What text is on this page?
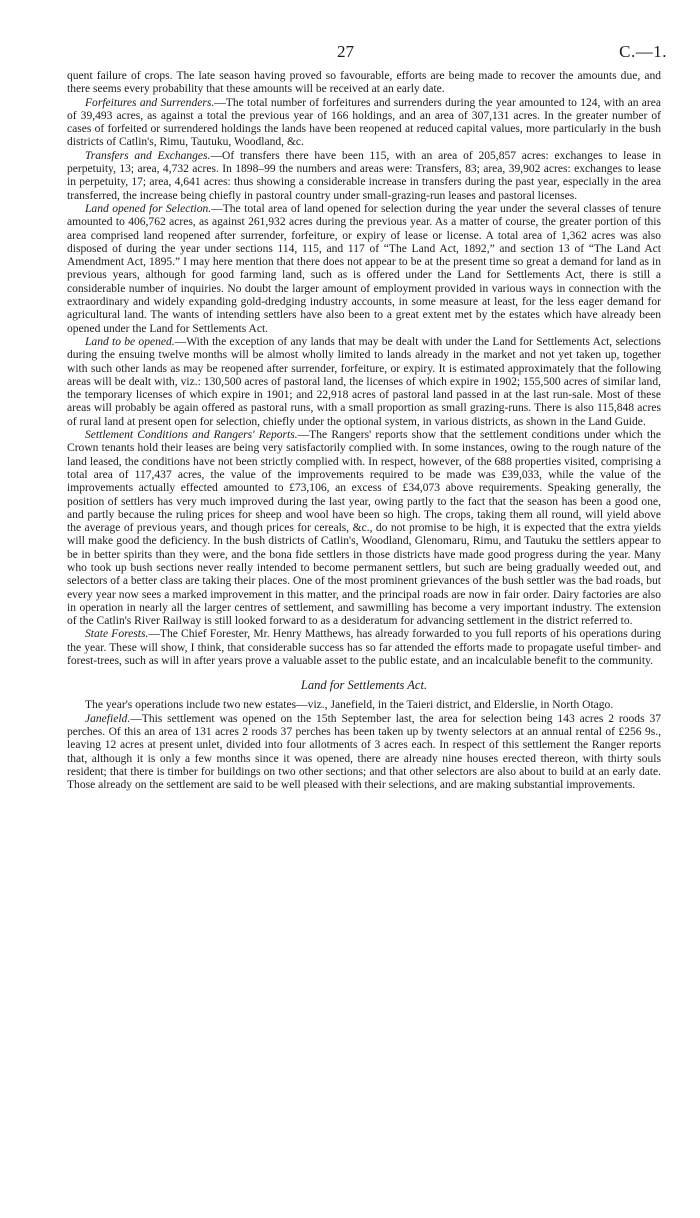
27	C.—1.

quent failure of crops. The late season having proved so favourable, efforts are being made to recover the amounts due, and there seems every probability that these amounts will be received at an early date.

Forfeitures and Surrenders.—The total number of forfeitures and surrenders during the year amounted to 124, with an area of 39,493 acres, as against a total the previous year of 166 holdings, and an area of 307,131 acres. In the greater number of cases of forfeited or surrendered holdings the lands have been reopened at reduced capital values, more particularly in the bush districts of Catlin's, Rimu, Tautuku, Woodland, &c.

Transfers and Exchanges.—Of transfers there have been 115, with an area of 205,857 acres: exchanges to lease in perpetuity, 13; area, 4,732 acres. In 1898–99 the numbers and areas were: Transfers, 83; area, 39,902 acres: exchanges to lease in perpetuity, 17; area, 4,641 acres: thus showing a considerable increase in transfers during the past year, especially in the area transferred, the increase being chiefly in pastoral country under small-grazing-run leases and pastoral licenses.

Land opened for Selection.—The total area of land opened for selection during the year under the several classes of tenure amounted to 406,762 acres, as against 261,932 acres during the previous year. As a matter of course, the greater portion of this area comprised land reopened after surrender, forfeiture, or expiry of lease or license. A total area of 1,362 acres was also disposed of during the year under sections 114, 115, and 117 of “The Land Act, 1892,” and section 13 of “The Land Act Amendment Act, 1895.” I may here mention that there does not appear to be at the present time so great a demand for land as in previous years, although for good farming land, such as is offered under the Land for Settlements Act, there is still a considerable number of inquiries. No doubt the larger amount of employment provided in various ways in connection with the extraordinary and widely expanding gold-dredging industry accounts, in some measure at least, for the less eager demand for agricultural land. The wants of intending settlers have also been to a great extent met by the estates which have already been opened under the Land for Settlements Act.

Land to be opened.—With the exception of any lands that may be dealt with under the Land for Settlements Act, selections during the ensuing twelve months will be almost wholly limited to lands already in the market and not yet taken up, together with such other lands as may be reopened after surrender, forfeiture, or expiry. It is estimated approximately that the following areas will be dealt with, viz.: 130,500 acres of pastoral land, the licenses of which expire in 1902; 155,500 acres of similar land, the temporary licenses of which expire in 1901; and 22,918 acres of pastoral land passed in at the last run-sale. Most of these areas will probably be again offered as pastoral runs, with a small proportion as small grazing-runs. There is also 115,848 acres of rural land at present open for selection, chiefly under the optional system, in various districts, as shown in the Land Guide.

Settlement Conditions and Rangers' Reports.—The Rangers' reports show that the settlement conditions under which the Crown tenants hold their leases are being very satisfactorily complied with. In some instances, owing to the rough nature of the land leased, the conditions have not been strictly complied with. In respect, however, of the 688 properties visited, comprising a total area of 117,437 acres, the value of the improvements required to be made was £39,033, while the value of the improvements actually effected amounted to £73,106, an excess of £34,073 above requirements. Speaking generally, the position of settlers has very much improved during the last year, owing partly to the fact that the season has been a good one, and partly because the ruling prices for sheep and wool have been so high. The crops, taking them all round, will yield above the average of previous years, and though prices for cereals, &c., do not promise to be high, it is expected that the extra yields will make good the deficiency. In the bush districts of Catlin's, Woodland, Glenomaru, Rimu, and Tautuku the settlers appear to be in better spirits than they were, and the bona fide settlers in those districts have made good progress during the year. Many who took up bush sections never really intended to become permanent settlers, but such are being gradually weeded out, and selectors of a better class are taking their places. One of the most prominent grievances of the bush settler was the bad roads, but every year now sees a marked improvement in this matter, and the principal roads are now in fair order. Dairy factories are also in operation in nearly all the larger centres of settlement, and sawmilling has become a very important industry. The extension of the Catlin's River Railway is still looked forward to as a desideratum for advancing settlement in the district referred to.

State Forests.—The Chief Forester, Mr. Henry Matthews, has already forwarded to you full reports of his operations during the year. These will show, I think, that considerable success has so far attended the efforts made to propagate useful timber- and forest-trees, such as will in after years prove a valuable asset to the public estate, and an incalculable benefit to the community.

Land for Settlements Act.

The year's operations include two new estates—viz., Janefield, in the Taieri district, and Elderslie, in North Otago.

Janefield.—This settlement was opened on the 15th September last, the area for selection being 143 acres 2 roods 37 perches. Of this an area of 131 acres 2 roods 37 perches has been taken up by twenty selectors at an annual rental of £256 9s., leaving 12 acres at present unlet, divided into four allotments of 3 acres each. In respect of this settlement the Ranger reports that, although it is only a few months since it was opened, there are already nine houses erected thereon, with thirty souls resident; that there is timber for buildings on two other sections; and that other selectors are also about to build at an early date. Those already on the settlement are said to be well pleased with their selections, and are making substantial improvements.
